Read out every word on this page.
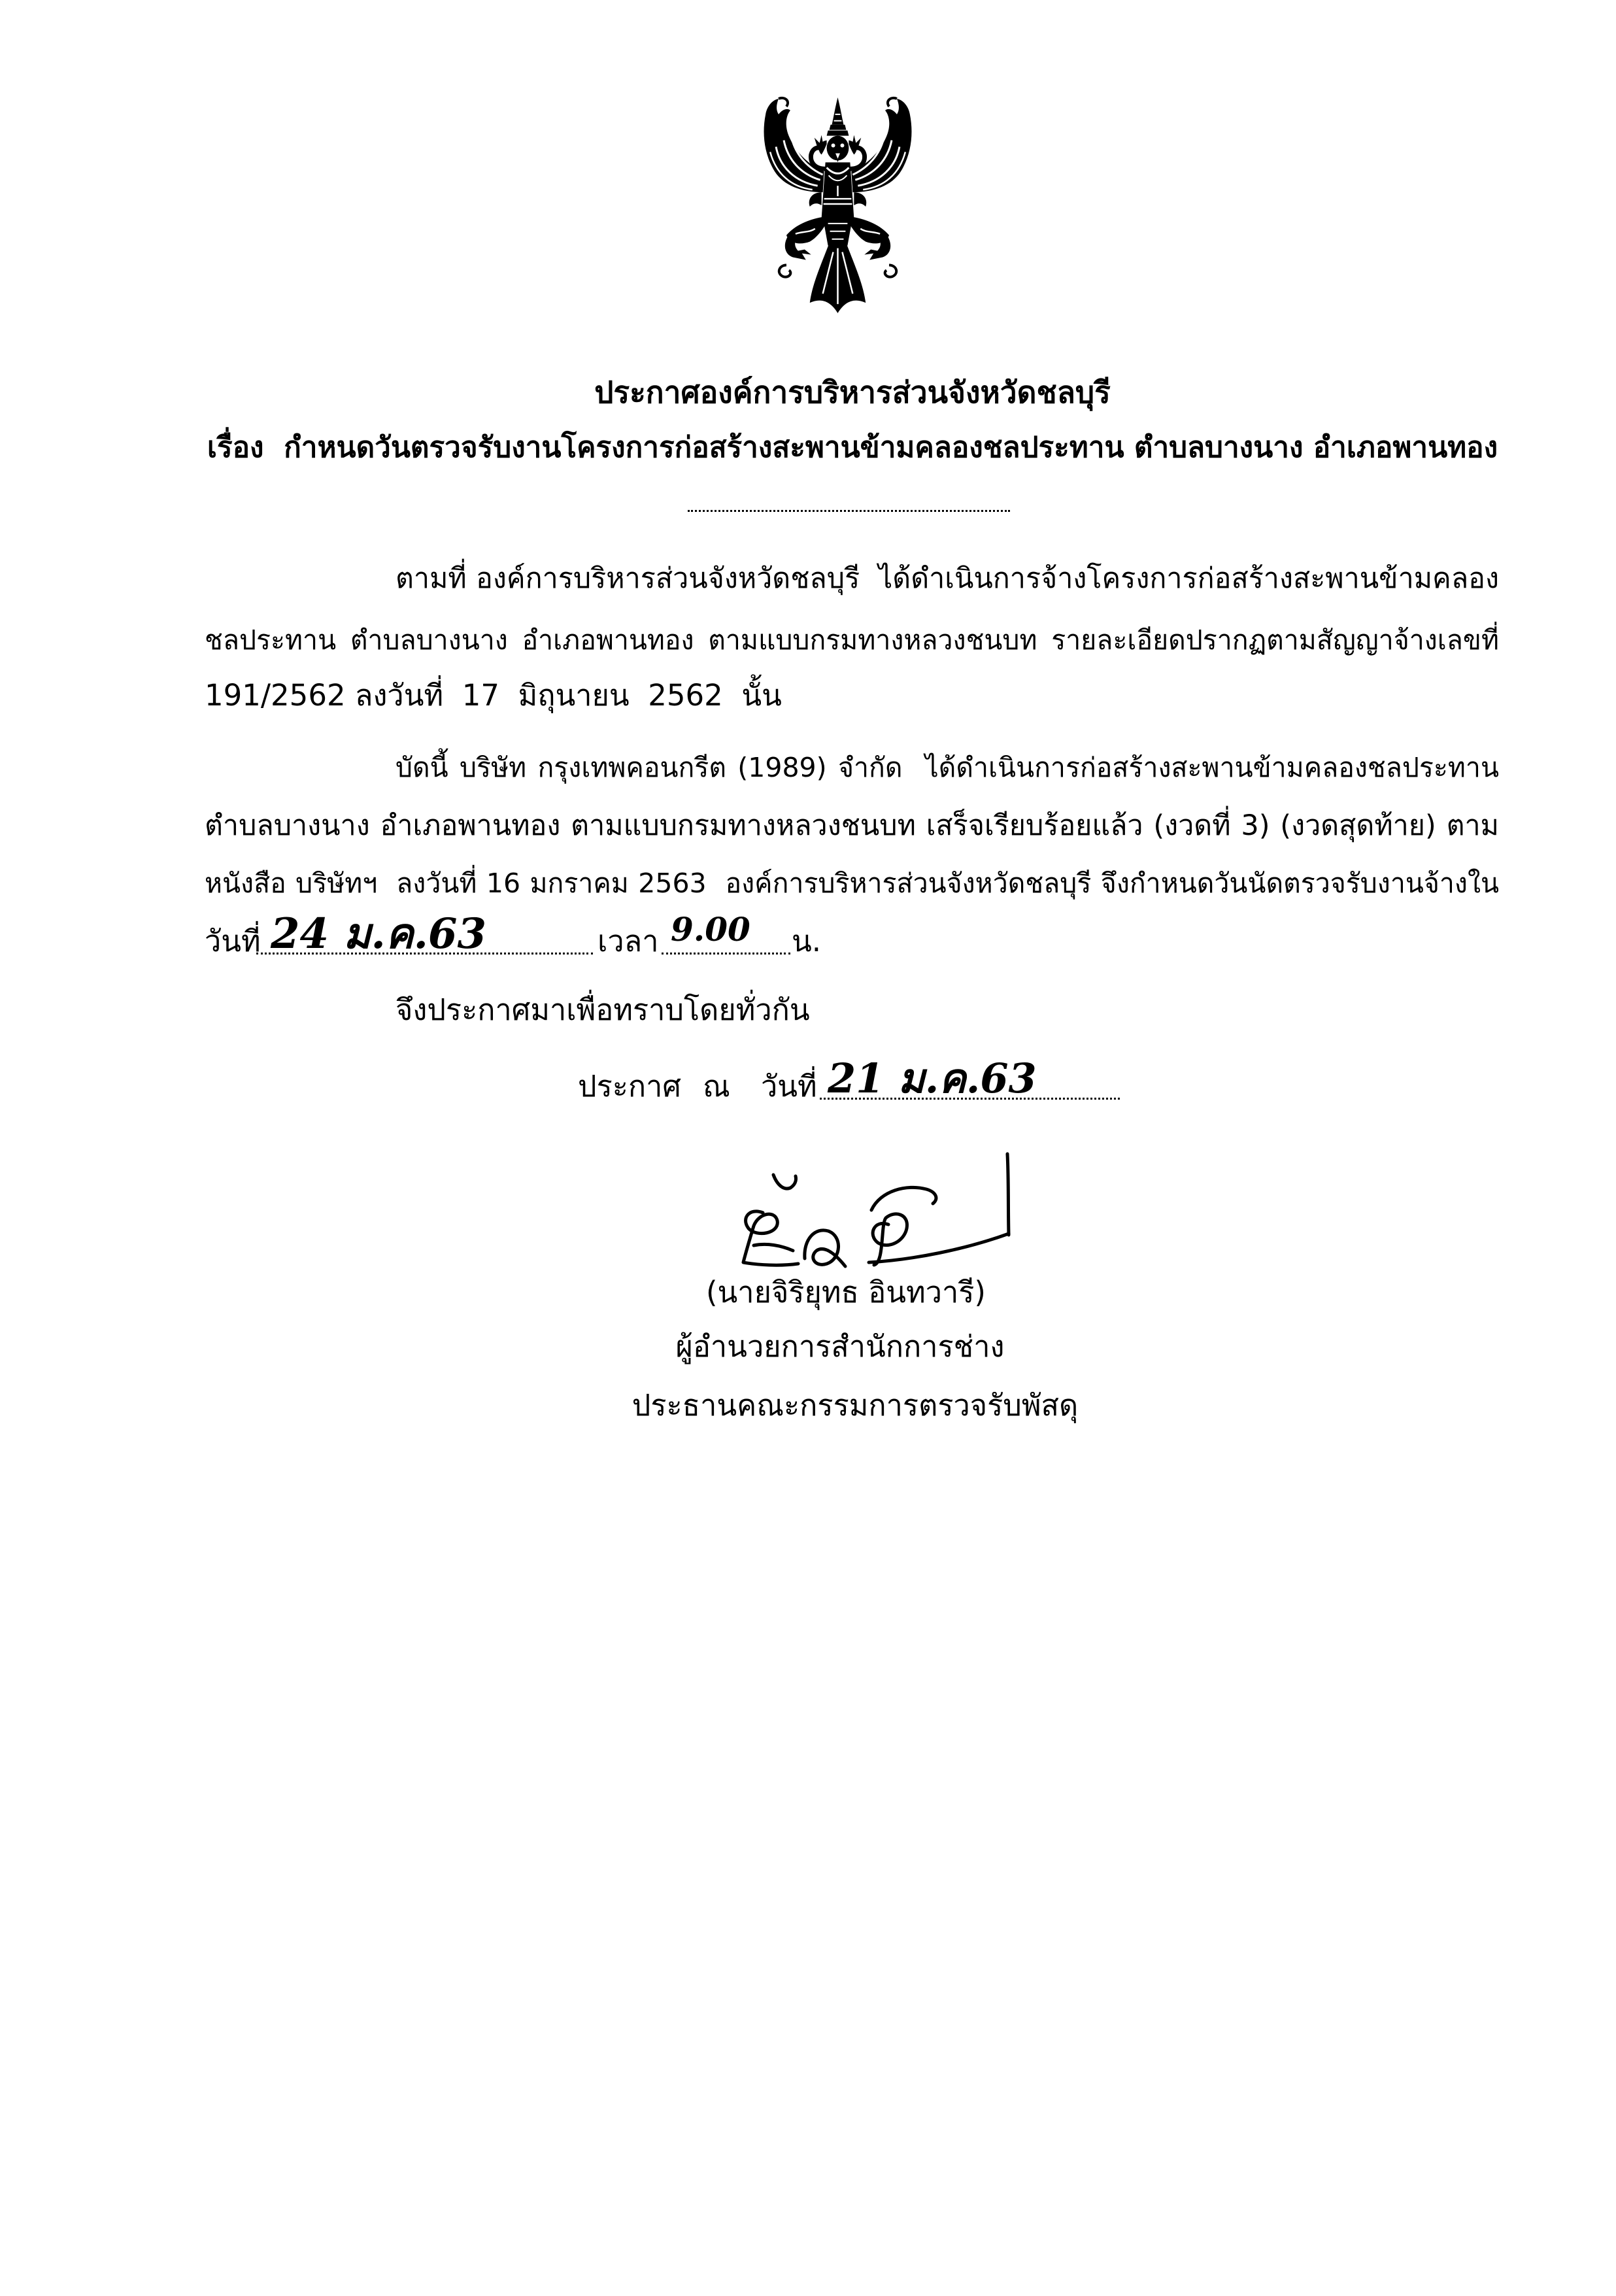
ประกาศองค์การบริหารส่วนจังหวัดชลบุรี
เรื่อง  กำหนดวันตรวจรับงานโครงการก่อสร้างสะพานข้ามคลองชลประทาน ตำบลบางนาง อำเภอพานทอง
ตามที่ องค์การบริหารส่วนจังหวัดชลบุรี  ได้ดำเนินการจ้างโครงการก่อสร้างสะพานข้ามคลอง
ชลประทาน ตำบลบางนาง อำเภอพานทอง ตามแบบกรมทางหลวงชนบท รายละเอียดปรากฏตามสัญญาจ้างเลขที่
191/2562 ลงวันที่  17  มิถุนายน  2562  นั้น
บัดนี้ บริษัท กรุงเทพคอนกรีต (1989) จำกัด  ได้ดำเนินการก่อสร้างสะพานข้ามคลองชลประทาน
ตำบลบางนาง อำเภอพานทอง ตามแบบกรมทางหลวงชนบท เสร็จเรียบร้อยแล้ว (งวดที่ 3) (งวดสุดท้าย) ตาม
หนังสือ บริษัทฯ  ลงวันที่ 16 มกราคม 2563  องค์การบริหารส่วนจังหวัดชลบุรี จึงกำหนดวันนัดตรวจรับงานจ้างใน
วันที่ 24 ม.ค.63	เวลา 9.00 น.
จึงประกาศมาเพื่อทราบโดยทั่วกัน
ประกาศ ณ วันที่ 21 ม.ค.63
(นายจิริยุทธ อินทวารี)
ผู้อำนวยการสำนักการช่าง
ประธานคณะกรรมการตรวจรับพัสดุ
